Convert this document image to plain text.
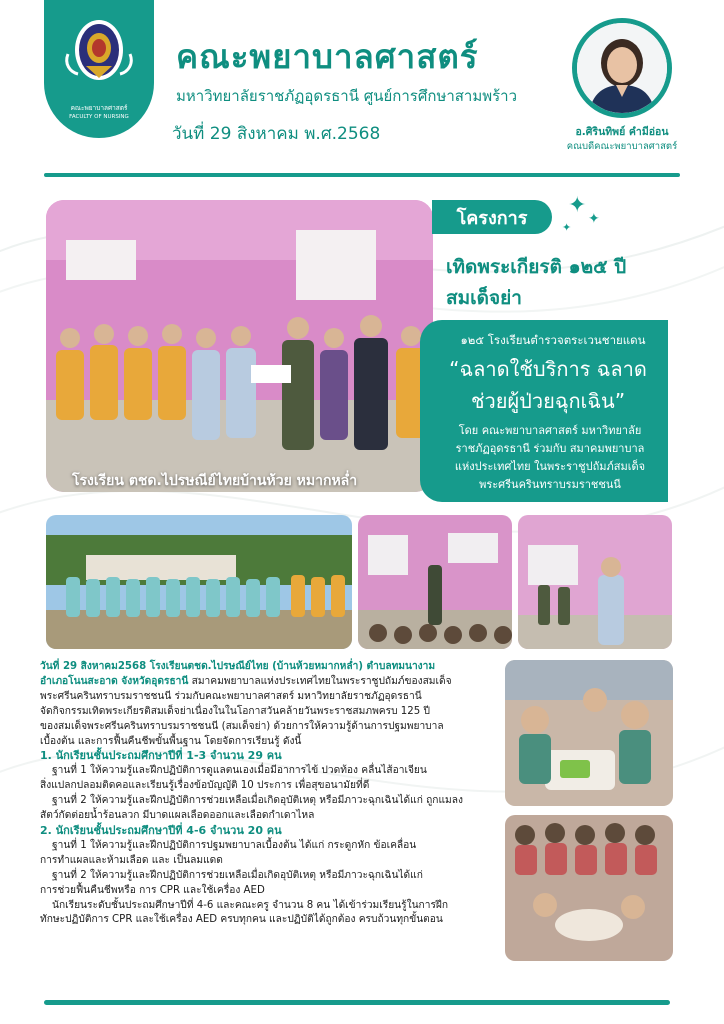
คณะพยาบาลศาสตร์
FACULTY OF NURSING
คณะพยาบาลศาสตร์
มหาวิทยาลัยราชภัฏอุดรธานี ศูนย์การศึกษาสามพร้าว
วันที่ 29 สิงหาคม พ.ศ.2568	อ.ศิรินทิพย์ คำมีอ่อน
คณบดีคณะพยาบาลศาสตร์
โรงเรียน ตชด.ไปรษณีย์ไทยบ้านห้วย หมากหล่ำ
โครงการ	✦
✦
✦
เทิดพระเกียรติ ๑๒๕ ปี
สมเด็จย่า
๑๒๕ โรงเรียนตำรวจตระเวนชายแดน
“ฉลาดใช้บริการ ฉลาด
ช่วยผู้ป่วยฉุกเฉิน”
โดย คณะพยาบาลศาสตร์ มหาวิทยาลัย
ราชภัฏอุดรธานี ร่วมกับ สมาคมพยาบาล
แห่งประเทศไทย ในพระราชูปถัมภ์สมเด็จ
พระศรีนครินทราบรมราชชนนี

วันที่ 29 สิงหาคม2568 โรงเรียนตชด.ไปรษณีย์ไทย (บ้านห้วยหมากหล่ำ) ตำบลทมนางาม

อำเภอโนนสะอาด จังหวัดอุดรธานี สมาคมพยาบาลแห่งประเทศไทยในพระราชูปถัมภ์ของสมเด็จ

พระศรีนครินทราบรมราชชนนี ร่วมกับคณะพยาบาลศาสตร์ มหาวิทยาลัยราชภัฏอุดรธานี

จัดกิจกรรมเทิดพระเกียรติสมเด็จย่าเนื่องในในโอกาสวันคล้ายวันพระราชสมภพครบ 125 ปี

ของสมเด็จพระศรีนครินทราบรมราชชนนี (สมเด็จย่า) ด้วยการให้ความรู้ด้านการปฐมพยาบาล

เบื้องต้น และการฟื้นคืนชีพขั้นพื้นฐาน โดยจัดการเรียนรู้ ดังนี้

1. นักเรียนชั้นประถมศึกษาปีที่ 1-3 จำนวน 29 คน

ฐานที่ 1 ให้ความรู้และฝึกปฏิบัติการดูแลตนเองเมื่อมีอาการไข้ ปวดท้อง คลื่นไส้อาเจียน

สิ่งแปลกปลอมติดคอและเรียนรู้เรื่องข้อบัญญัติ 10 ประการ เพื่อสุขอนามัยที่ดี

ฐานที่ 2 ให้ความรู้และฝึกปฏิบัติการช่วยเหลือเมื่อเกิดอุบัติเหตุ หรือมีภาวะฉุกเฉินได้แก่ ถูกแมลง

สัตว์กัดต่อยน้ำร้อนลวก มีบาดแผลเลือดออกและเลือดกำเดาไหล

2. นักเรียนชั้นประถมศึกษาปีที่ 4-6 จำนวน 20 คน

ฐานที่ 1 ให้ความรู้และฝึกปฏิบัติการปฐมพยาบาลเบื้องต้น ได้แก่ กระดูกหัก ข้อเคลื่อน

การทำแผลและห้ามเลือด และ เป็นลมแดด

ฐานที่ 2 ให้ความรู้และฝึกปฏิบัติการช่วยเหลือเมื่อเกิดอุบัติเหตุ หรือมีภาวะฉุกเฉินได้แก่

การช่วยฟื้นคืนชีพหรือ การ CPR และใช้เครื่อง AED

นักเรียนระดับชั้นประถมศึกษาปีที่ 4-6 และคณะครู จำนวน 8 คน ได้เข้าร่วมเรียนรู้ในการฝึก

ทักษะปฏิบัติการ CPR และใช้เครื่อง AED ครบทุกคน และปฏิบัติได้ถูกต้อง ครบถ้วนทุกขั้นตอน
